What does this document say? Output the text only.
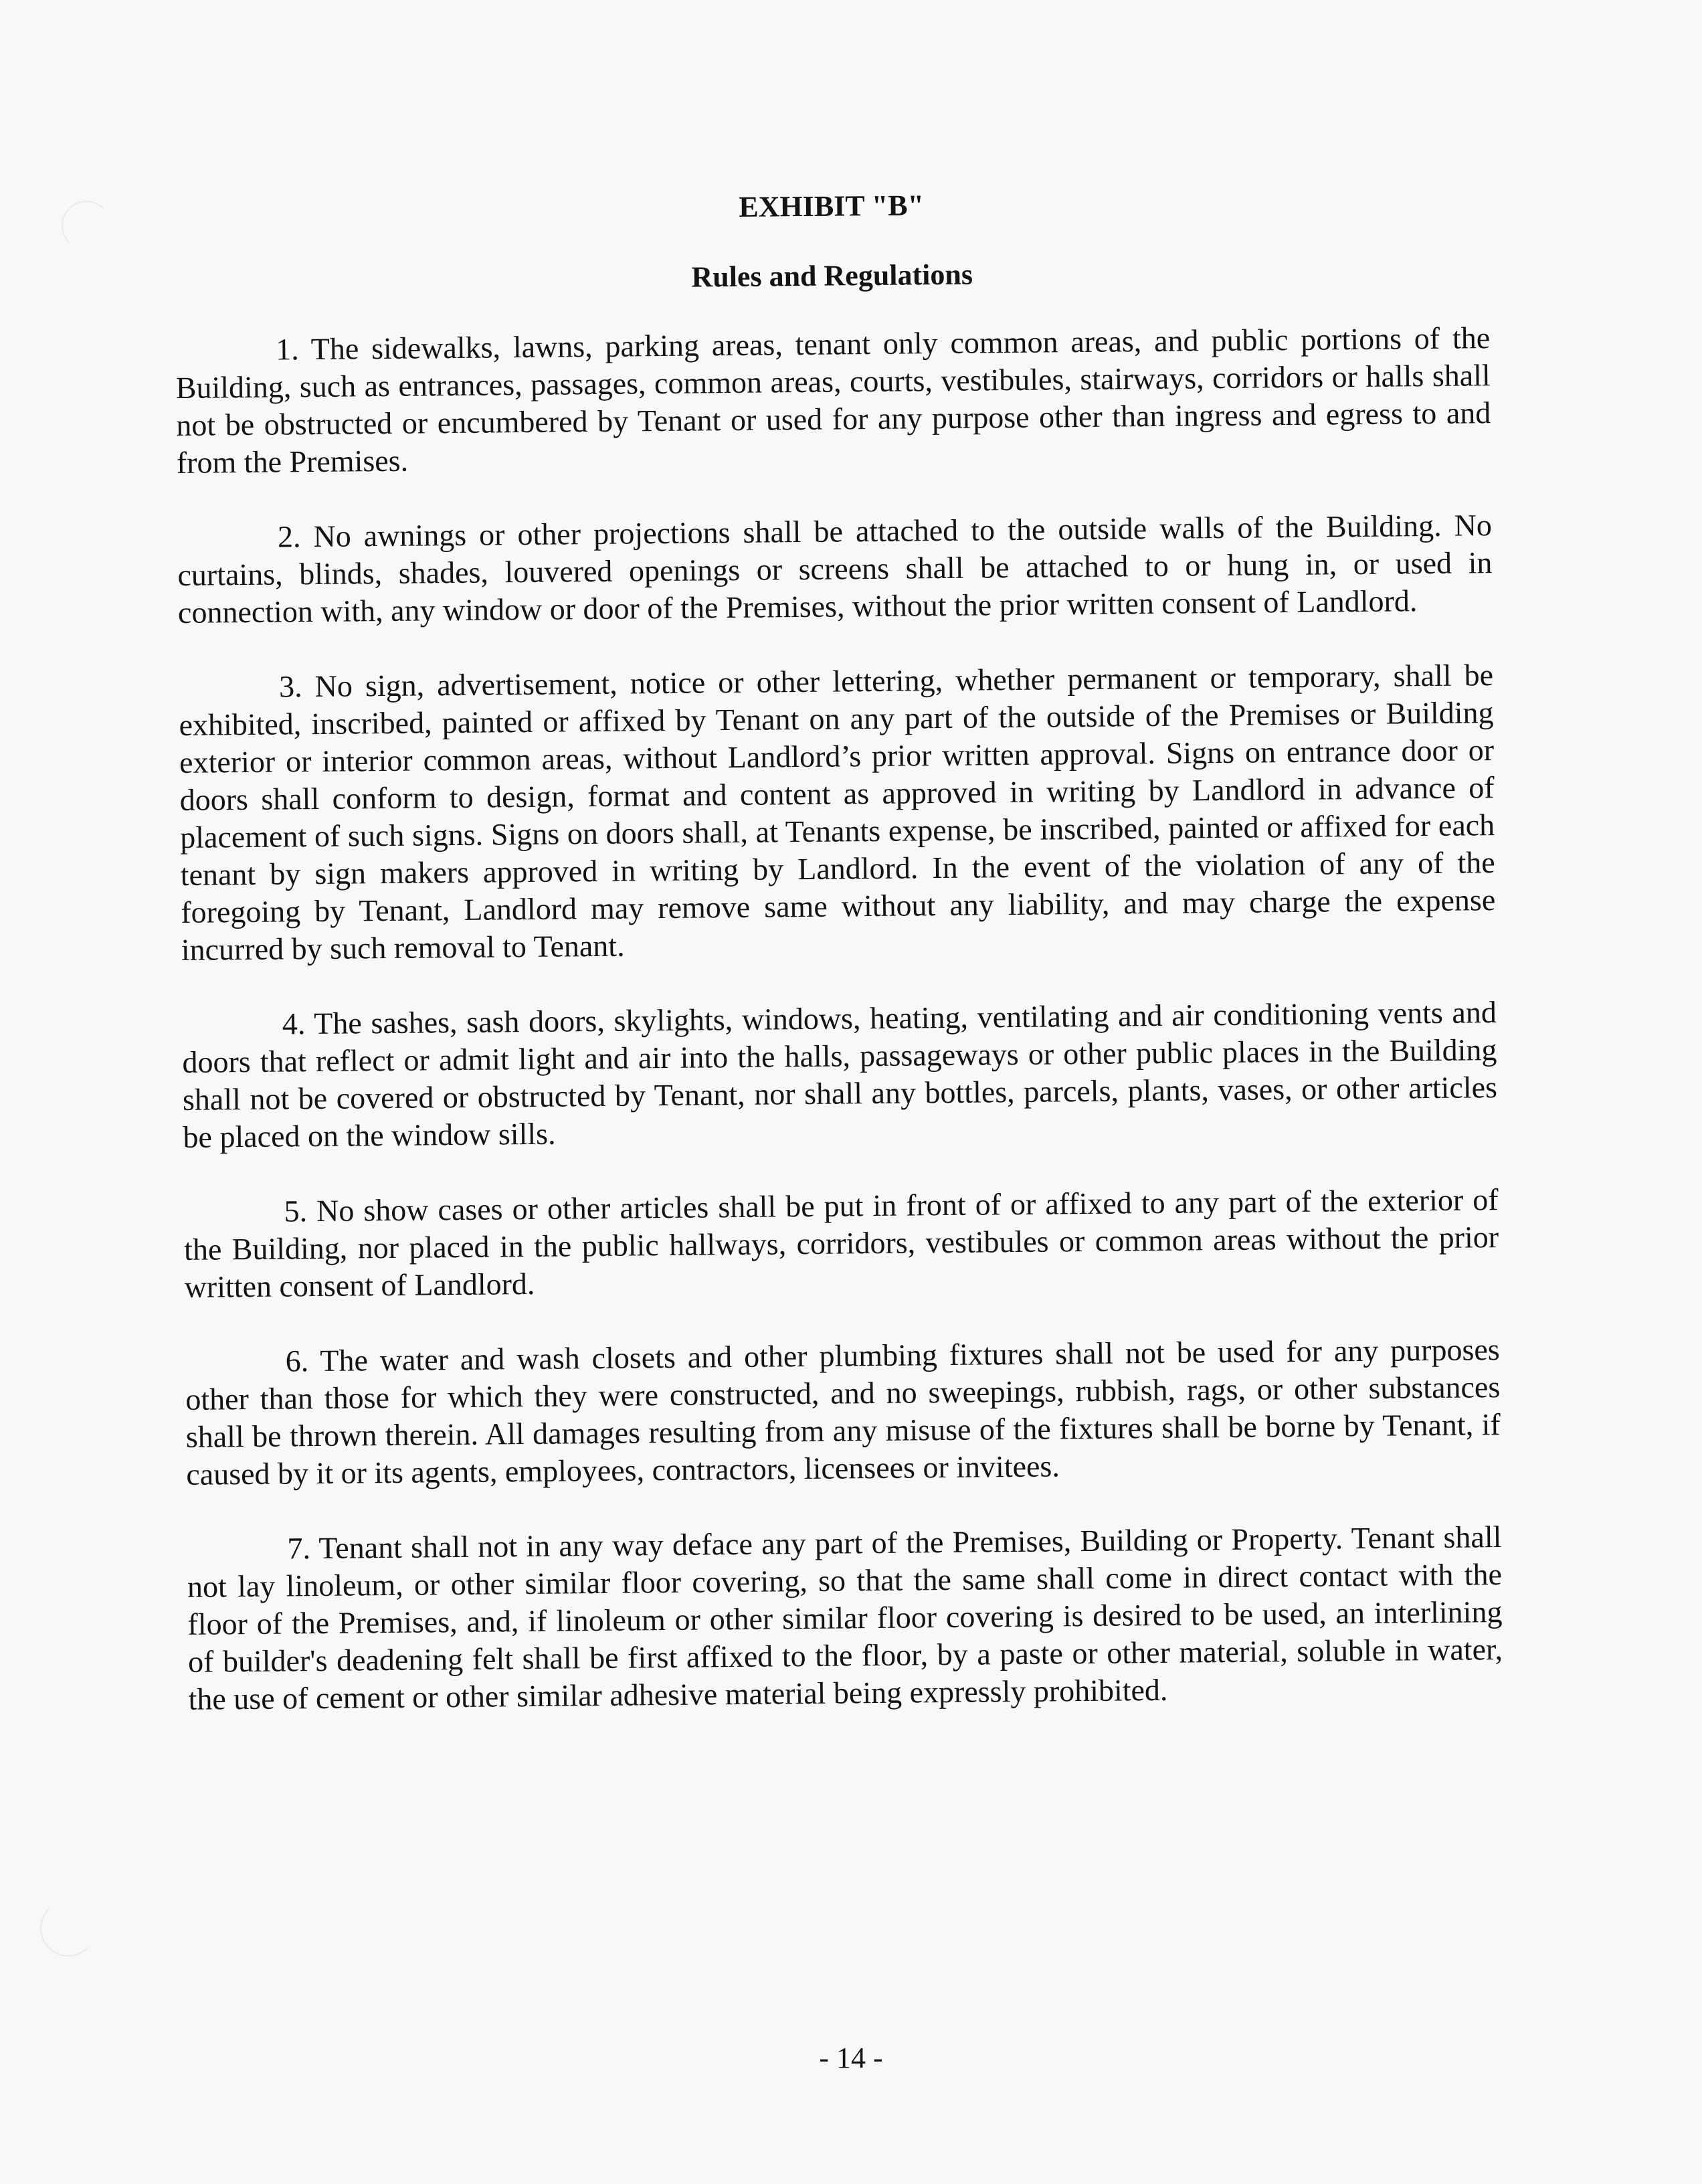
EXHIBIT "B"
Rules and Regulations

1. The sidewalks, lawns, parking areas, tenant only common areas, and public portions of the Building, such as entrances, passages, common areas, courts, vestibules, stairways, corridors or halls shall not be obstructed or encumbered by Tenant or used for any purpose other than ingress and egress to and from the Premises.

2. No awnings or other projections shall be attached to the outside walls of the Building. No curtains, blinds, shades, louvered openings or screens shall be attached to or hung in, or used in connection with, any window or door of the Premises, without the prior written consent of Landlord.

3. No sign, advertisement, notice or other lettering, whether permanent or temporary, shall be exhibited, inscribed, painted or affixed by Tenant on any part of the outside of the Premises or Building exterior or interior common areas, without Landlord’s prior written approval. Signs on entrance door or doors shall conform to design, format and content as approved in writing by Landlord in advance of placement of such signs. Signs on doors shall, at Tenants expense, be inscribed, painted or affixed for each tenant by sign makers approved in writing by Landlord. In the event of the violation of any of the foregoing by Tenant, Landlord may remove same without any liability, and may charge the expense incurred by such removal to Tenant.

4. The sashes, sash doors, skylights, windows, heating, ventilating and air conditioning vents and doors that reflect or admit light and air into the halls, passageways or other public places in the Building shall not be covered or obstructed by Tenant, nor shall any bottles, parcels, plants, vases, or other articles be placed on the window sills.

5. No show cases or other articles shall be put in front of or affixed to any part of the exterior of the Building, nor placed in the public hallways, corridors, vestibules or common areas without the prior written consent of Landlord.

6. The water and wash closets and other plumbing fixtures shall not be used for any purposes other than those for which they were constructed, and no sweepings, rubbish, rags, or other substances shall be thrown therein. All damages resulting from any misuse of the fixtures shall be borne by Tenant, if caused by it or its agents, employees, contractors, licensees or invitees.

7. Tenant shall not in any way deface any part of the Premises, Building or Property. Tenant shall not lay linoleum, or other similar floor covering, so that the same shall come in direct contact with the floor of the Premises, and, if linoleum or other similar floor covering is desired to be used, an interlining of builder's deadening felt shall be first affixed to the floor, by a paste or other material, soluble in water, the use of cement or other similar adhesive material being expressly prohibited.

- 14 -
